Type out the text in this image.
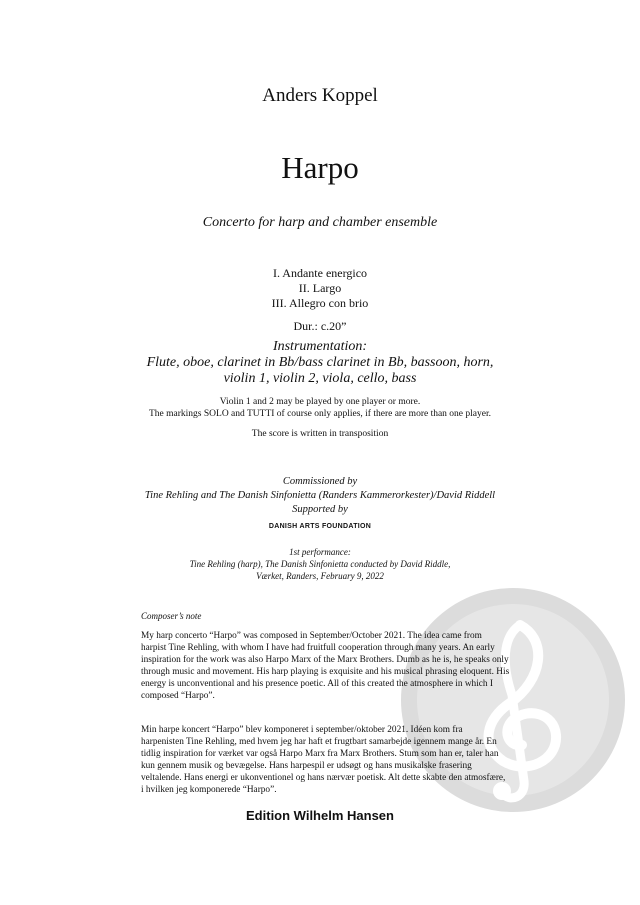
Anders Koppel
Harpo
Concerto for harp and chamber ensemble
I. Andante energico
II. Largo
III. Allegro con brio
Dur.: c.20”
Instrumentation:
Flute, oboe, clarinet in Bb/bass clarinet in Bb, bassoon, horn,
violin 1, violin 2, viola, cello, bass
Violin 1 and 2 may be played by one player or more.
The markings SOLO and TUTTI of course only applies, if there are more than one player.
The score is written in transposition
Commissioned by
Tine Rehling and The Danish Sinfonietta (Randers Kammerorkester)/David Riddell
Supported by
DANISH ARTS FOUNDATION
1st performance:
Tine Rehling (harp), The Danish Sinfonietta conducted by David Riddle,
Værket, Randers, February 9, 2022
Composer’s note
My harp concerto “Harpo” was composed in September/October 2021. The idea came from
harpist Tine Rehling, with whom I have had fruitfull cooperation through many years. An early
inspiration for the work was also Harpo Marx of the Marx Brothers. Dumb as he is, he speaks only
through music and movement. His harp playing is exquisite and his musical phrasing eloquent. His
energy is unconventional and his presence poetic. All of this created the atmosphere in which I
composed “Harpo”.
Min harpe koncert “Harpo” blev komponeret i september/oktober 2021. Idéen kom fra
harpenisten Tine Rehling, med hvem jeg har haft et frugtbart samarbejde igennem mange år. En
tidlig inspiration for værket var også Harpo Marx fra Marx Brothers. Stum som han er, taler han
kun gennem musik og bevægelse. Hans harpespil er udsøgt og hans musikalske frasering
veltalende. Hans energi er ukonventionel og hans nærvær poetisk. Alt dette skabte den atmosfære,
i hvilken jeg komponerede “Harpo”.
Edition Wilhelm Hansen
